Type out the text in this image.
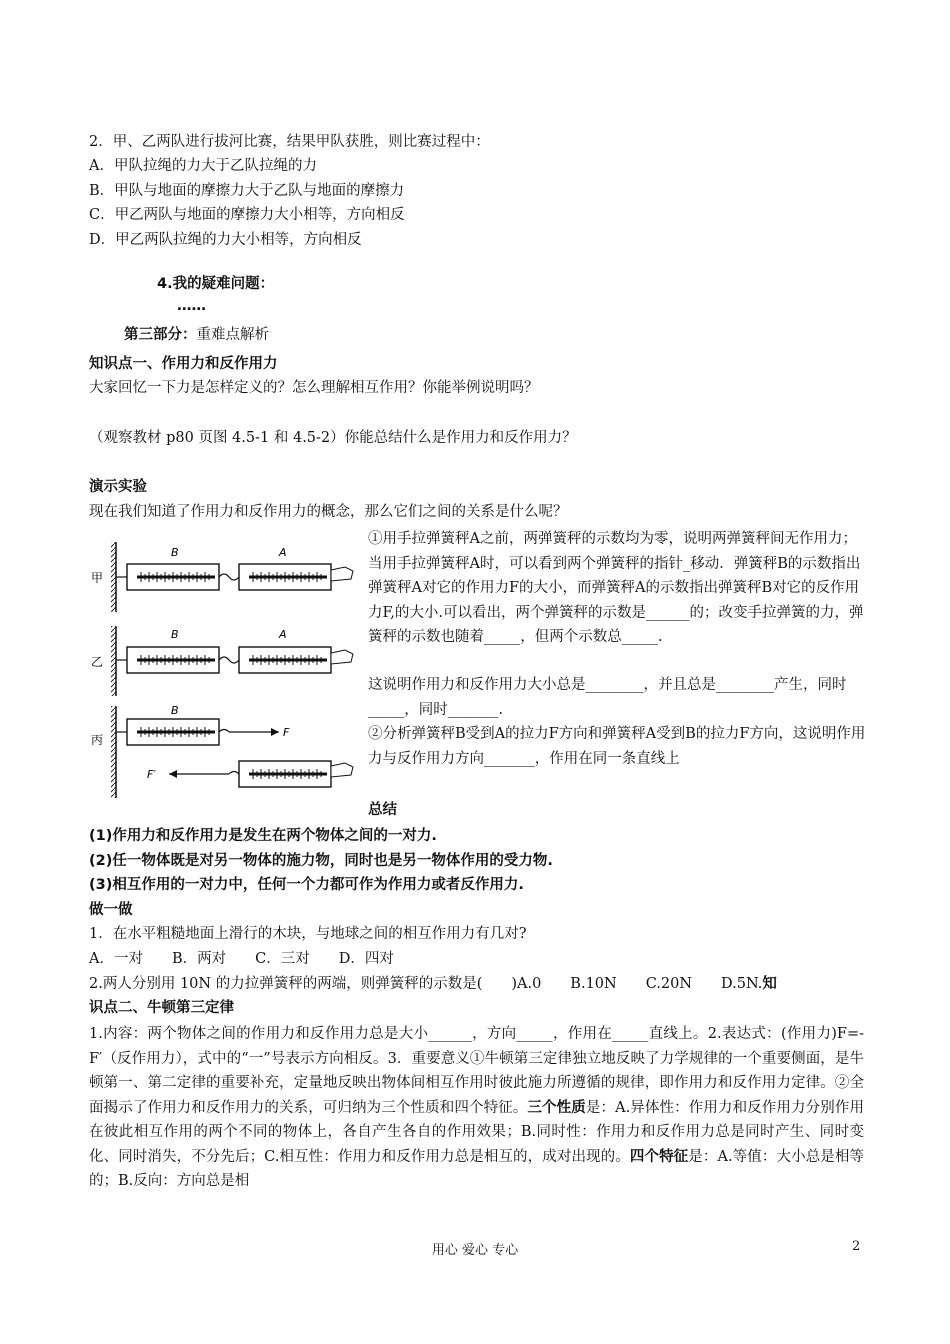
2．甲、乙两队进行拔河比赛，结果甲队获胜，则比赛过程中：
A．甲队拉绳的力大于乙队拉绳的力
B．甲队与地面的摩擦力大于乙队与地面的摩擦力
C．甲乙两队与地面的摩擦力大小相等，方向相反
D．甲乙两队拉绳的力大小相等，方向相反
4.我的疑难问题：
……
第三部分：重难点解析
知识点一、作用力和反作用力
大家回忆一下力是怎样定义的？怎么理解相互作用？你能举例说明吗？
（观察教材 p80 页图 4.5-1 和 4.5-2）你能总结什么是作用力和反作用力？
演示实验
现在我们知道了作用力和反作用力的概念，那么它们之间的关系是什么呢？
甲
乙
丙
B	A
B	A
B
F
F′
①用手拉弹簧秤A之前，两弹簧秤的示数均为零，说明两弹簧秤间无作用力；当用手拉弹簧秤A时，可以看到两个弹簧秤的指针_移动．弹簧秤B的示数指出弹簧秤A对它的作用力F的大小，而弹簧秤A的示数指出弹簧秤B对它的反作用力F,的大小.可以看出，两个弹簧秤的示数是______的；改变手拉弹簧的力，弹簧秤的示数也随着_____，但两个示数总_____.
这说明作用力和反作用力大小总是________，并且总是________产生，同时_____，同时_______.
②分析弹簧秤B受到A的拉力F方向和弹簧秤A受到B的拉力F方向，这说明作用力与反作用力方向_______，作用在同一条直线上
总结
(1)作用力和反作用力是发生在两个物体之间的一对力.
(2)任一物体既是对另一物体的施力物，同时也是另一物体作用的受力物.
(3)相互作用的一对力中，任何一个力都可作为作用力或者反作用力.
做一做
1．在水平粗糙地面上滑行的木块，与地球之间的相互作用力有几对?
A．一对　　B．两对　　C．三对　　D．四对
2.两人分别用 10N 的力拉弹簧秤的两端，则弹簧秤的示数是(　　)A.0　　B.10N　　C.20N　　D.5N.知
识点二、牛顿第三定律
1.内容：两个物体之间的作用力和反作用力总是大小______，方向_____，作用在_____直线上。2.表达式：(作用力)F=- F′（反作用力），式中的“一”号表示方向相反。3．重要意义①牛顿第三定律独立地反映了力学规律的一个重要侧面，是牛顿第一、第二定律的重要补充，定量地反映出物体间相互作用时彼此施力所遵循的规律，即作用力和反作用力定律。②全面揭示了作用力和反作用力的关系，可归纳为三个性质和四个特征。三个性质是：A.异体性：作用力和反作用力分别作用在彼此相互作用的两个不同的物体上，各自产生各自的作用效果；B.同时性：作用力和反作用力总是同时产生、同时变化、同时消失，不分先后；C.相互性：作用力和反作用力总是相互的，成对出现的。四个特征是：A.等值：大小总是相等的；B.反向：方向总是相
用心 爱心 专心	2
